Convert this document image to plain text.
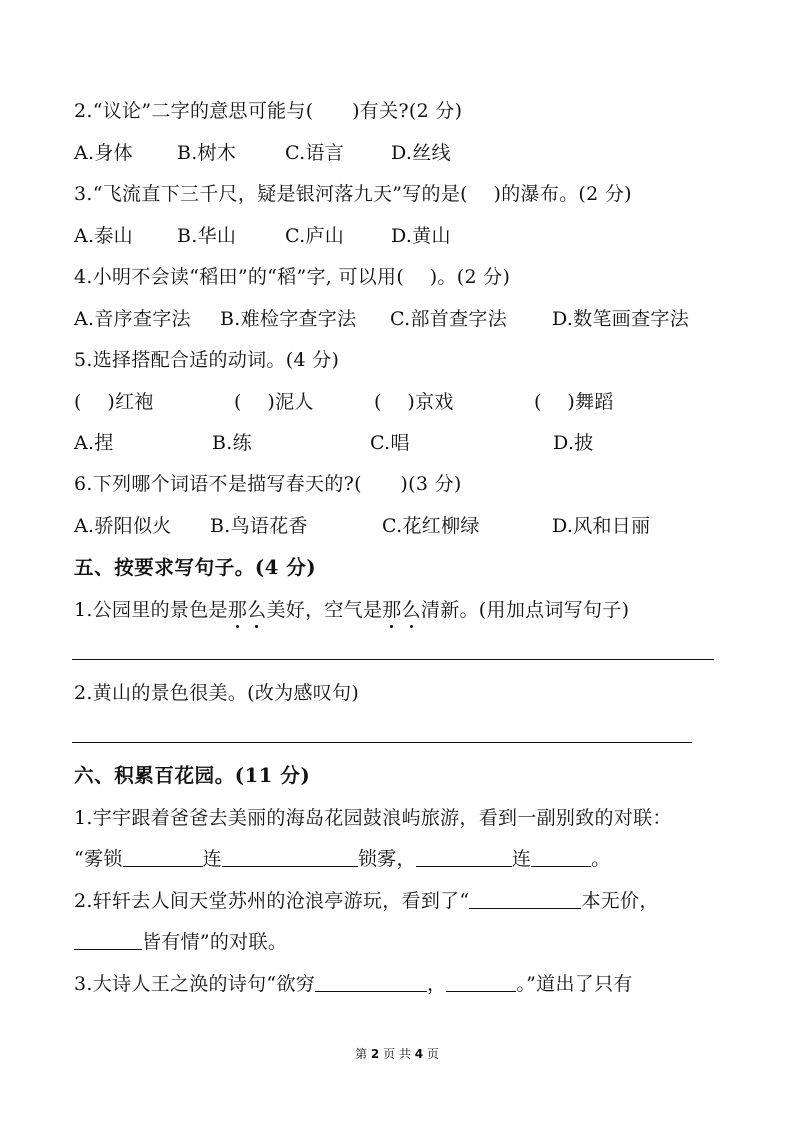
2.“议论”二字的意思可能与(　　)有关?(2 分)
A.身体 B.树木	C.语言 D.丝线
3.“飞流直下三千尺，疑是银河落九天”写的是(　 )的瀑布。(2 分)
A.泰山 B.华山	C.庐山 D.黄山
4.小明不会读“稻田”的“稻”字, 可以用(　 )。(2 分)
A.音序查字法 B.难检字查字法 C.部首查字法 D.数笔画查字法
5.选择搭配合适的动词。(4 分)
(　 )红袍	(　 )泥人	(　 )京戏	(　 )舞蹈
A.捏	B.练	C.唱	D.披
6.下列哪个词语不是描写春天的?(　　)(3 分)
A.骄阳似火 B.鸟语花香	C.花红柳绿	D.风和日丽
五、按要求写句子。(4 分)
1.公园里的景色是那么美好，空气是那么清新。(用加点词写句子)
2.黄山的景色很美。(改为感叹句)
六、积累百花园。(11 分)
1.宇宇跟着爸爸去美丽的海岛花园鼓浪屿旅游，看到一副别致的对联：
“雾锁	连	锁雾，	连	。
2.轩轩去人间天堂苏州的沧浪亭游玩，看到了“	本无价，
皆有情”的对联。
3.大诗人王之涣的诗句“欲穷	，	。”道出了只有
第 2 页 共 4 页
